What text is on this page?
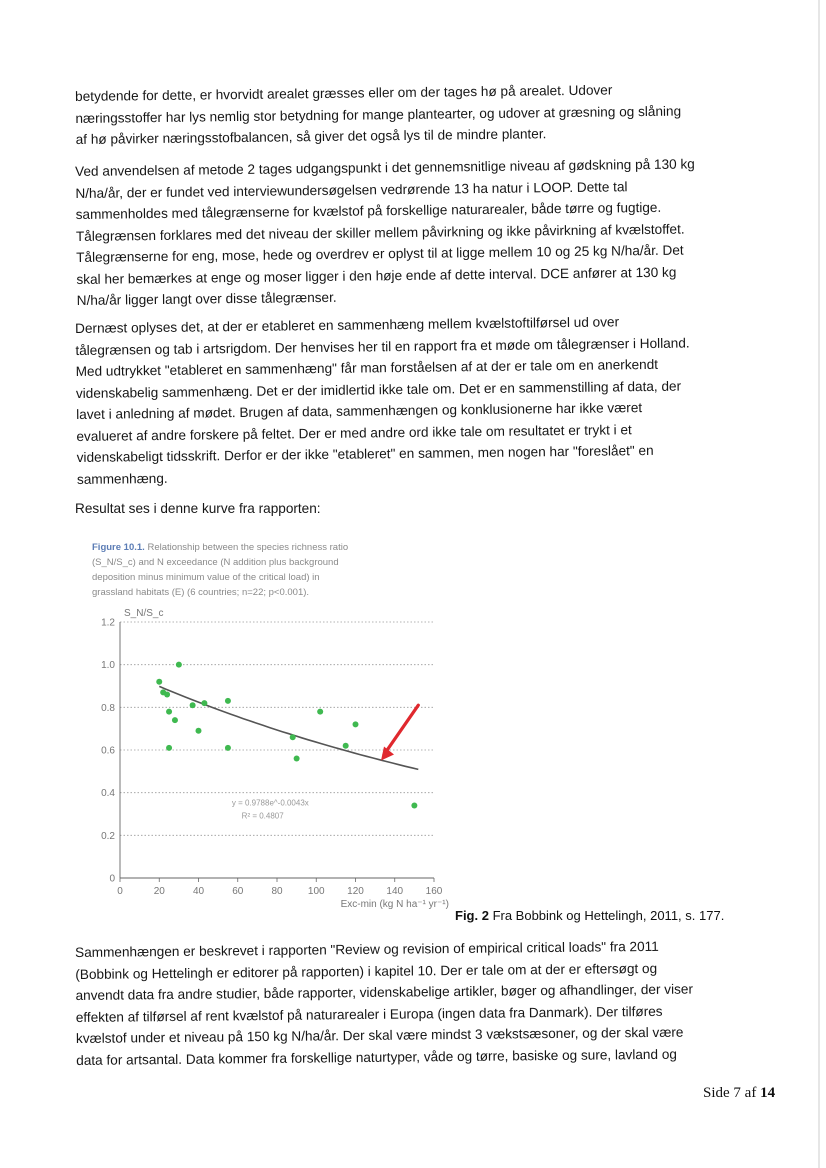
betydende for dette, er hvorvidt arealet græsses eller om der tages hø på arealet. Udover
næringsstoffer har lys nemlig stor betydning for mange plantearter, og udover at græsning og slåning
af hø påvirker næringsstofbalancen, så giver det også lys til de mindre planter.
Ved anvendelsen af metode 2 tages udgangspunkt i det gennemsnitlige niveau af gødskning på 130 kg
N/ha/år, der er fundet ved interviewundersøgelsen vedrørende 13 ha natur i LOOP. Dette tal
sammenholdes med tålegrænserne for kvælstof på forskellige naturarealer, både tørre og fugtige.
Tålegrænsen forklares med det niveau der skiller mellem påvirkning og ikke påvirkning af kvælstoffet.
Tålegrænserne for eng, mose, hede og overdrev er oplyst til at ligge mellem 10 og 25 kg N/ha/år. Det
skal her bemærkes at enge og moser ligger i den høje ende af dette interval. DCE anfører at 130 kg
N/ha/år ligger langt over disse tålegrænser.
Dernæst oplyses det, at der er etableret en sammenhæng mellem kvælstoftilførsel ud over
tålegrænsen og tab i artsrigdom. Der henvises her til en rapport fra et møde om tålegrænser i Holland.
Med udtrykket "etableret en sammenhæng" får man forståelsen af at der er tale om en anerkendt
videnskabelig sammenhæng. Det er der imidlertid ikke tale om. Det er en sammenstilling af data, der
lavet i anledning af mødet. Brugen af data, sammenhængen og konklusionerne har ikke været
evalueret af andre forskere på feltet. Der er med andre ord ikke tale om resultatet er trykt i et
videnskabeligt tidsskrift. Derfor er der ikke "etableret" en sammen, men nogen har "foreslået" en
sammenhæng.
Resultat ses i denne kurve fra rapporten:
Figure 10.1. Relationship between the species richness ratio
(S_N/S_c) and N exceedance (N addition plus background
deposition minus minimum value of the critical load) in
grassland habitats (E) (6 countries; n=22; p<0.001).
0
0.2
0.4
0.6
0.8
1.0
1.2
0	20	40	60	80	100 120 140 160
S_N/S_c
Exc-min (kg N ha⁻¹ yr⁻¹)
y = 0.9788e^-0.0043x
R² = 0.4807
Fig. 2 Fra Bobbink og Hettelingh, 2011, s. 177.
Sammenhængen er beskrevet i rapporten "Review og revision of empirical critical loads" fra 2011
(Bobbink og Hettelingh er editorer på rapporten) i kapitel 10. Der er tale om at der er eftersøgt og
anvendt data fra andre studier, både rapporter, videnskabelige artikler, bøger og afhandlinger, der viser
effekten af tilførsel af rent kvælstof på naturarealer i Europa (ingen data fra Danmark). Der tilføres
kvælstof under et niveau på 150 kg N/ha/år. Der skal være mindst 3 vækstsæsoner, og der skal være
data for artsantal. Data kommer fra forskellige naturtyper, våde og tørre, basiske og sure, lavland og
Side 7 af 14
